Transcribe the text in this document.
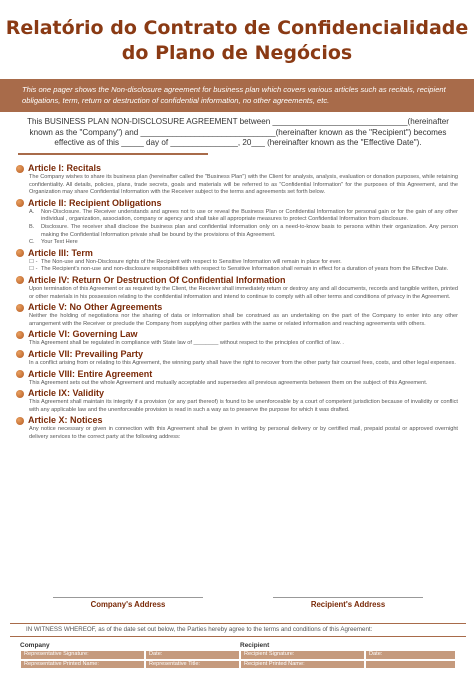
Relatório do Contrato de Confidencialidade
do Plano de Negócios
This one pager shows the Non-disclosure agreement for business plan which covers various articles such as recitals, recipient obligations, term, return or destruction of confidential information, no other agreements, etc.
This BUSINESS PLAN NON-DISCLOSURE AGREEMENT between ______________________________(hereinafter known as the "Company") and ______________________________(hereinafter known as the "Recipient") becomes effective as of this _____ day of _______________, 20___ (hereinafter known as the "Effective Date").
Article I: Recitals
The Company wishes to share its business plan (hereinafter called the "Business Plan") with the Client for analysis, analysis, evaluation or donation purposes, while retaining confidentiality. All details, policies, plans, trade secrets, goals and materials will be referred to as "Confidential Information" for the purposes of this Agreement, and the Organization may share Confidential Information with the Receiver subject to the terms and agreements set forth below.
Article II: Recipient Obligations
A.	Non-Disclosure. The Receiver understands and agrees not to use or reveal the Business Plan or Confidential Information for personal gain or for the gain of any other individual , organization, association, company or agency and shall take all appropriate measures to protect Confidential Information from disclosure.
B.	Disclosure. The receiver shall disclose the business plan and confidential information only on a need-to-know basis to persons within their organization. Any person making the Confidential Information private shall be bound by the provisions of this Agreement.
C.	Your Text Here
Article III: Term
☐ - The Non-use and Non-Disclosure rights of the Recipient with respect to Sensitive Information will remain in place for ever.
☐ - The Recipient's non-use and non-disclosure responsibilities with respect to Sensitive Information shall remain in effect for a duration of years from the Effective Date.
Article IV: Return Or Destruction Of Confidential Information
Upon termination of this Agreement or as required by the Client, the Receiver shall immediately return or destroy any and all documents, records and tangible written, printed or other materials in his possession relating to the confidential information and intend to continue to comply with all other terms and conditions of privacy in the Agreement.
Article V: No Other Agreements
Neither the holding of negotiations nor the sharing of data or information shall be construed as an undertaking on the part of the Company to enter into any other arrangement with the Receiver or preclude the Company from supplying other parties with the same or related information and reaching agreements with others.
Article VI: Governing Law
This Agreement shall be regulated in compliance with State law of ________ without respect to the principles of conflict of law. .
Article VII: Prevailing Party
In a conflict arising from or relating to this Agreement, the winning party shall have the right to recover from the other party fair counsel fees, costs, and other legal expenses.
Article VIII: Entire Agreement
This Agreement sets out the whole Agreement and mutually acceptable and supersedes all previous agreements between them on the subject of this Agreement.
Article IX: Validity
This Agreement shall maintain its integrity if a provision (or any part thereof) is found to be unenforceable by a court of competent jurisdiction because of invalidity or conflict with any applicable law and the unenforceable provision is read in such a way as to preserve the purpose for which it was drafted.
Article X: Notices
Any notice necessary or given in connection with this Agreement shall be given in writing by personal delivery or by certified mail, prepaid postal or approved overnight delivery services to the correct party at the following address:
Company's Address	Recipient's Address
IN WITNESS WHEREOF, as of the date set out below, the Parties hereby agree to the terms and conditions of this Agreement:
Company	Recipient
Representative Signature:	Date:	Recipient Signature:	Date:
Representative Printed Name:	Representative Title:	Recipient Printed Name:
